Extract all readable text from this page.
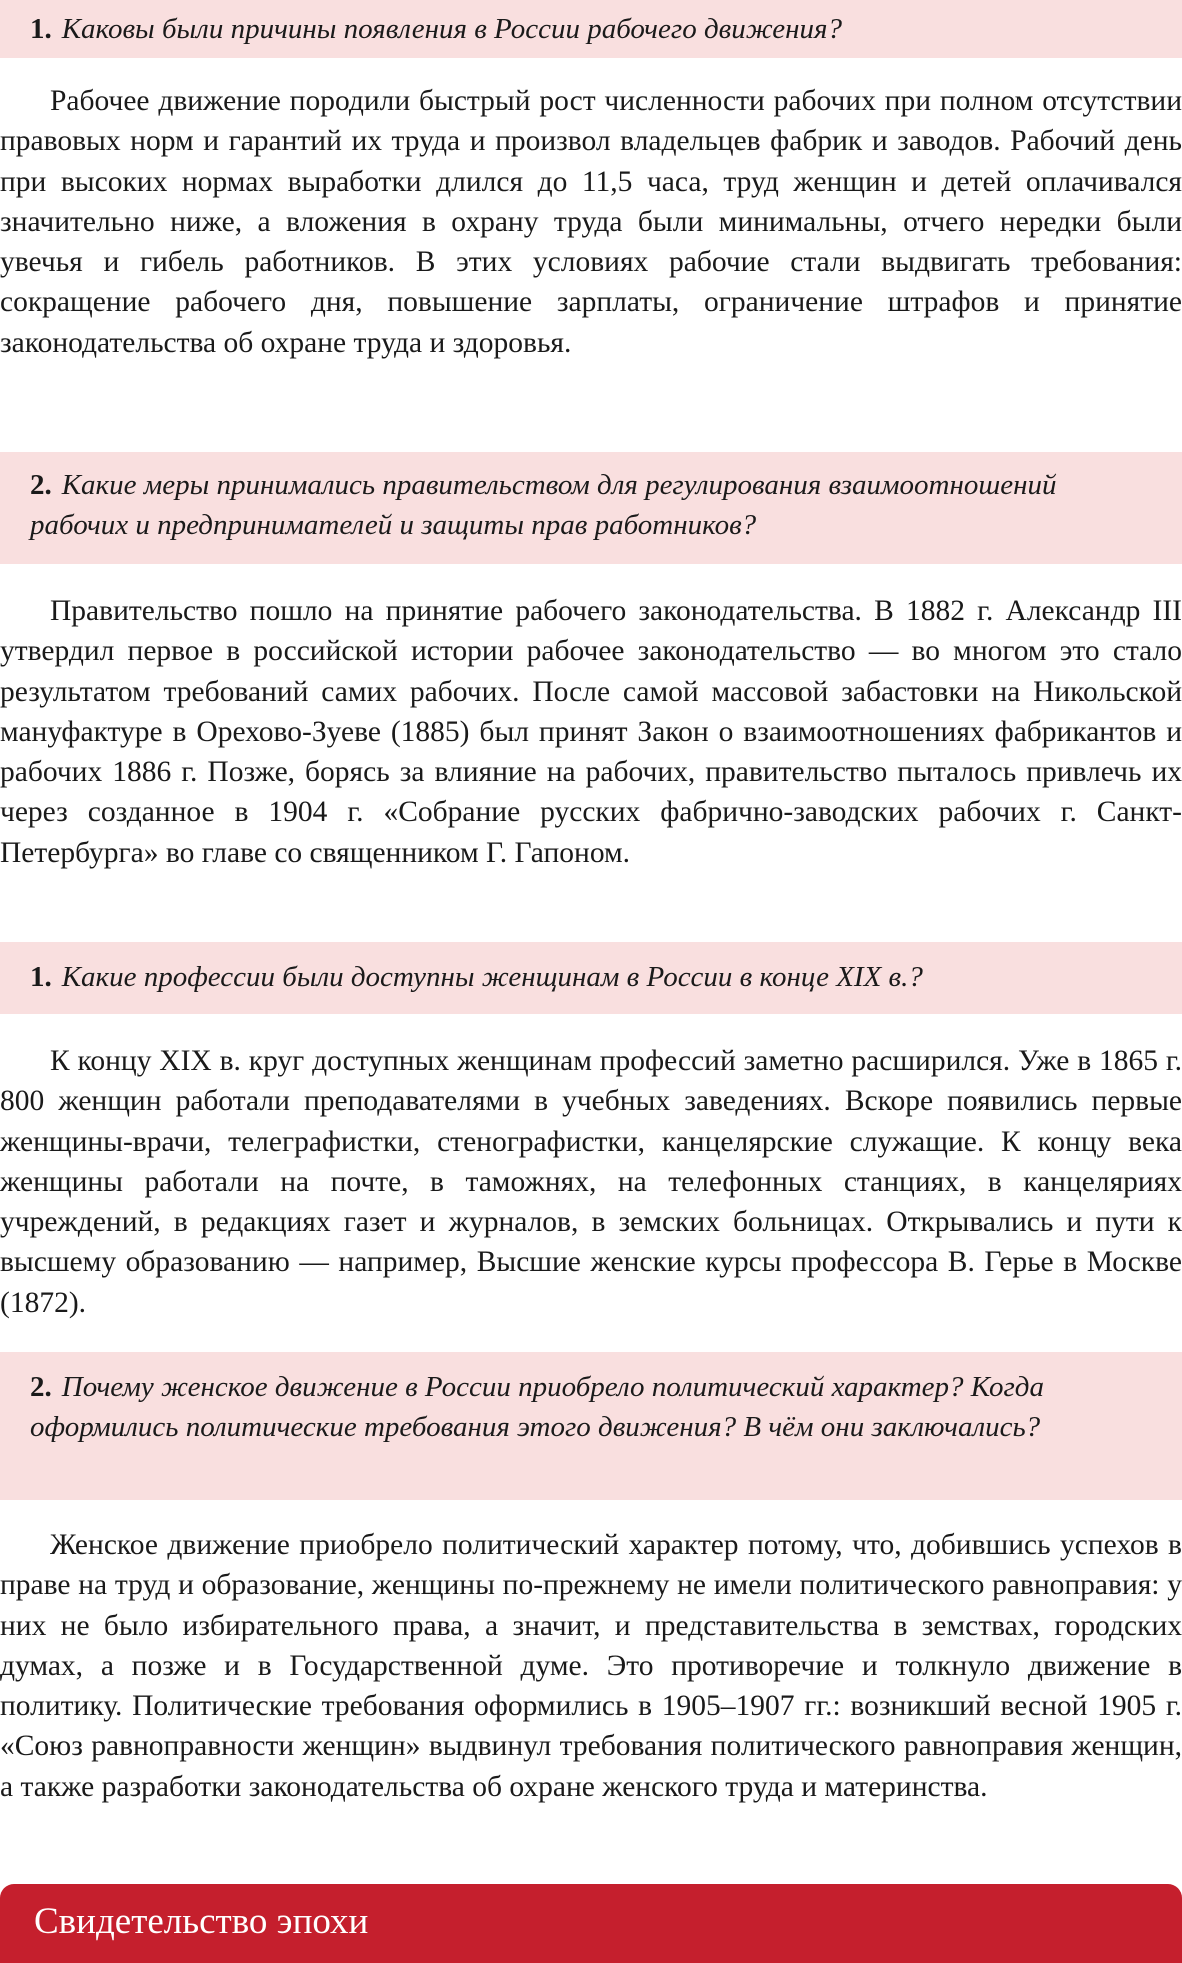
1. Каковы были причины появления в России рабочего движения?

Рабочее движение породили быстрый рост численности рабочих при полном отсутствии правовых норм и гарантий их труда и произвол владельцев фабрик и заводов. Рабочий день при высоких нормах выработки длился до 11,5 часа, труд женщин и детей оплачивался значительно ниже, а вложения в охрану труда были минимальны, отчего нередки были увечья и гибель работников. В этих условиях рабочие стали выдвигать требования: сокращение рабочего дня, повышение зарплаты, ограничение штрафов и принятие законодательства об охране труда и здоровья.

2. Какие меры принимались правительством для регулирования взаимоотношений рабочих и предпринимателей и защиты прав работников?

Правительство пошло на принятие рабочего законодательства. В 1882 г. Александр III утвердил первое в российской истории рабочее законодательство — во многом это стало результатом требований самих рабочих. После самой массовой забастовки на Никольской мануфактуре в Орехово-Зуеве (1885) был принят Закон о взаимоотношениях фабрикантов и рабочих 1886 г. Позже, борясь за влияние на рабочих, правительство пыталось привлечь их через созданное в 1904 г. «Собрание русских фабрично-заводских рабочих г. Санкт-Петербурга» во главе со священником Г. Гапоном.

1. Какие профессии были доступны женщинам в России в конце XIX в.?

К концу XIX в. круг доступных женщинам профессий заметно расширился. Уже в 1865 г. 800 женщин работали преподавателями в учебных заведениях. Вскоре появились первые женщины-врачи, телеграфистки, стенографистки, канцелярские служащие. К концу века женщины работали на почте, в таможнях, на телефонных станциях, в канцеляриях учреждений, в редакциях газет и журналов, в земских больницах. Открывались и пути к высшему образованию — например, Высшие женские курсы профессора В. Герье в Москве (1872).

2. Почему женское движение в России приобрело политический характер? Когда оформились политические требования этого движения? В чём они заключались?

Женское движение приобрело политический характер потому, что, добившись успехов в праве на труд и образование, женщины по-прежнему не имели политического равноправия: у них не было избирательного права, а значит, и представительства в земствах, городских думах, а позже и в Государственной думе. Это противоречие и толкнуло движение в политику. Политические требования оформились в 1905–1907 гг.: возникший весной 1905 г. «Союз равноправности женщин» выдвинул требования политического равноправия женщин, а также разработки законодательства об охране женского труда и материнства.

Свидетельство эпохи
